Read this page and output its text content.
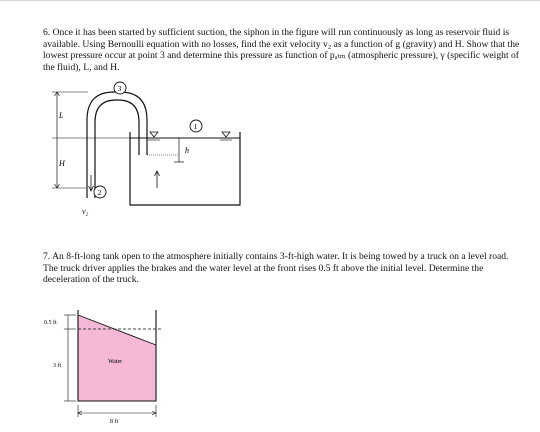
6. Once it has been started by sufficient suction, the siphon in the figure will run continuously as long as reservoir fluid is available. Using Bernoulli equation with no losses, find the exit velocity v₂ as a function of g (gravity) and H. Show that the lowest pressure occur at point 3 and determine this pressure as function of pₐₜₘ (atmospheric pressure), γ (specific weight of the fluid), L, and H.

h
L
H
3
2
1
v₂

7. An 8-ft-long tank open to the atmosphere initially contains 3-ft-high water. It is being towed by a truck on a level road. The truck driver applies the brakes and the water level at the front rises 0.5 ft above the initial level. Determine the deceleration of the truck.

0.5 ft
3 ft
Water
8 ft
